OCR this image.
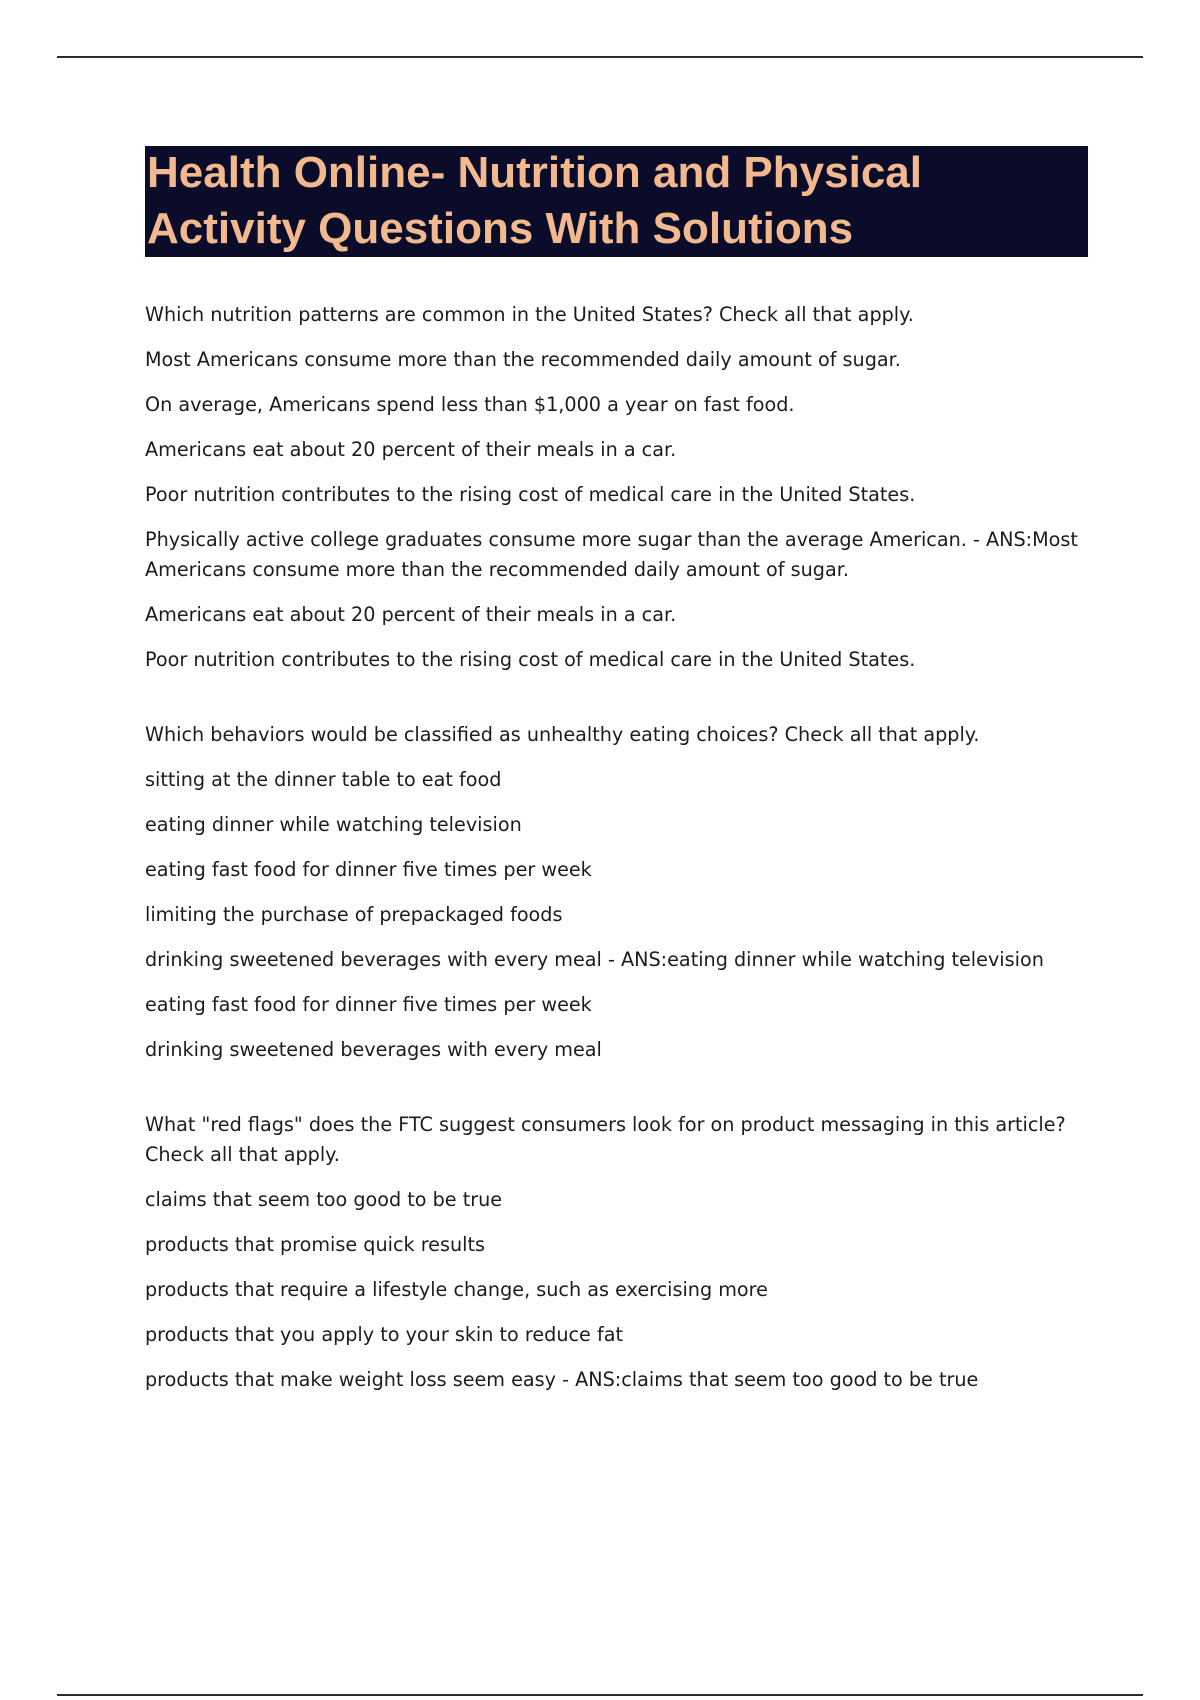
Health Online- Nutrition and Physical Activity Questions With Solutions
Which nutrition patterns are common in the United States? Check all that apply.
Most Americans consume more than the recommended daily amount of sugar.
On average, Americans spend less than $1,000 a year on fast food.
Americans eat about 20 percent of their meals in a car.
Poor nutrition contributes to the rising cost of medical care in the United States.
Physically active college graduates consume more sugar than the average American. - ANS:Most Americans consume more than the recommended daily amount of sugar.
Americans eat about 20 percent of their meals in a car.
Poor nutrition contributes to the rising cost of medical care in the United States.
Which behaviors would be classified as unhealthy eating choices? Check all that apply.
sitting at the dinner table to eat food
eating dinner while watching television
eating fast food for dinner five times per week
limiting the purchase of prepackaged foods
drinking sweetened beverages with every meal - ANS:eating dinner while watching television
eating fast food for dinner five times per week
drinking sweetened beverages with every meal
What "red flags" does the FTC suggest consumers look for on product messaging in this article? Check all that apply.
claims that seem too good to be true
products that promise quick results
products that require a lifestyle change, such as exercising more
products that you apply to your skin to reduce fat
products that make weight loss seem easy - ANS:claims that seem too good to be true
